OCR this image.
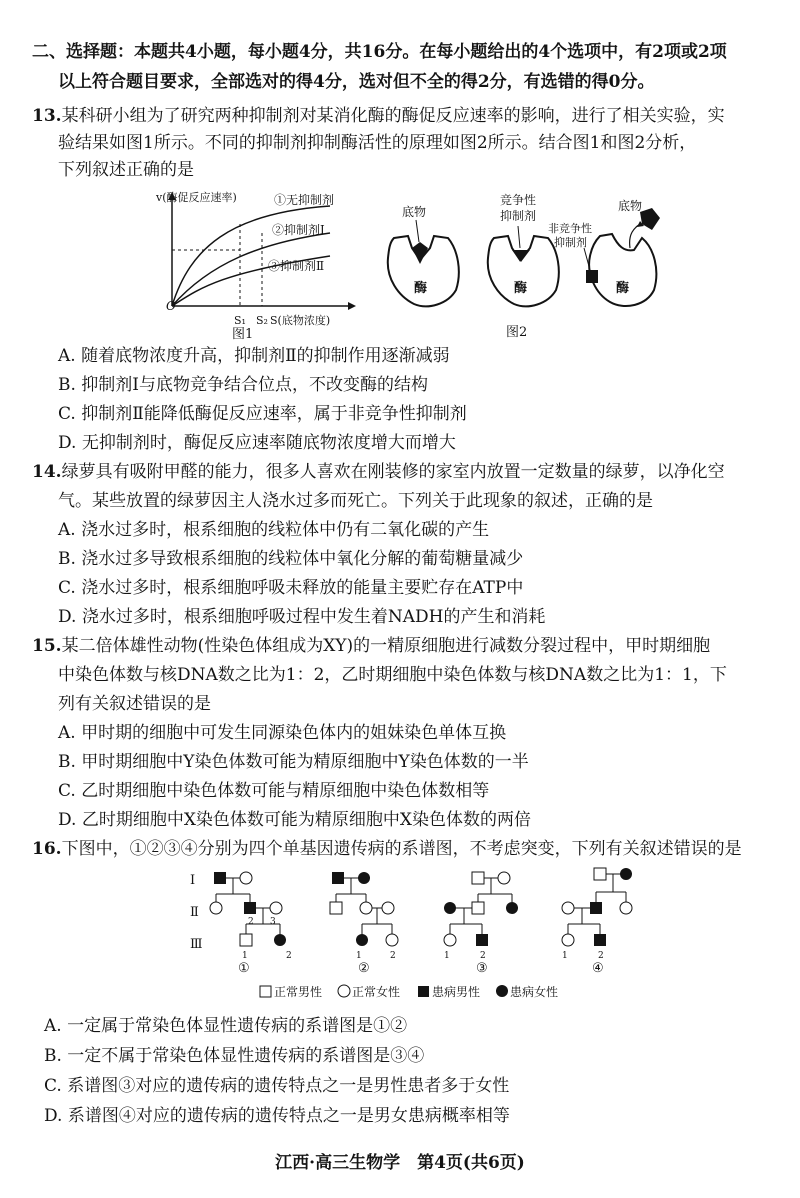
二、选择题：本题共4小题，每小题4分，共16分。在每小题给出的4个选项中，有2项或2项
以上符合题目要求，全部选对的得4分，选对但不全的得2分，有选错的得0分。
13.某科研小组为了研究两种抑制剂对某消化酶的酶促反应速率的影响，进行了相关实验，实
验结果如图1所示。不同的抑制剂抑制酶活性的原理如图2所示。结合图1和图2分析，
下列叙述正确的是
v(酶促反应速率)
O
S₁ S₂ S(底物浓度)
①无抑制剂
②抑制剂Ⅰ
③抑制剂Ⅱ
图1
底物
酶
竞争性
抑制剂
酶
非竞争性
抑制剂
底物
酶
图2
A. 随着底物浓度升高，抑制剂Ⅱ的抑制作用逐渐减弱
B. 抑制剂Ⅰ与底物竞争结合位点，不改变酶的结构
C. 抑制剂Ⅱ能降低酶促反应速率，属于非竞争性抑制剂
D. 无抑制剂时，酶促反应速率随底物浓度增大而增大
14.绿萝具有吸附甲醛的能力，很多人喜欢在刚装修的家室内放置一定数量的绿萝，以净化空
气。某些放置的绿萝因主人浇水过多而死亡。下列关于此现象的叙述，正确的是
A. 浇水过多时，根系细胞的线粒体中仍有二氧化碳的产生
B. 浇水过多导致根系细胞的线粒体中氧化分解的葡萄糖量减少
C. 浇水过多时，根系细胞呼吸未释放的能量主要贮存在ATP中
D. 浇水过多时，根系细胞呼吸过程中发生着NADH的产生和消耗
15.某二倍体雄性动物(性染色体组成为XY)的一精原细胞进行减数分裂过程中，甲时期细胞
中染色体数与核DNA数之比为1：2，乙时期细胞中染色体数与核DNA数之比为1：1，下
列有关叙述错误的是
A. 甲时期的细胞中可发生同源染色体内的姐妹染色单体互换
B. 甲时期细胞中Y染色体数可能为精原细胞中Y染色体数的一半
C. 乙时期细胞中染色体数可能与精原细胞中染色体数相等
D. 乙时期细胞中X染色体数可能为精原细胞中X染色体数的两倍
16.下图中，①②③④分别为四个单基因遗传病的系谱图，不考虑突变，下列有关叙述错误的是
Ⅰ
Ⅱ
Ⅲ
2 3
1	2
①
1	2
②
1	2
③
1	2
④
正常男性 正常女性	患病男性 患病女性
A. 一定属于常染色体显性遗传病的系谱图是①②
B. 一定不属于常染色体显性遗传病的系谱图是③④
C. 系谱图③对应的遗传病的遗传特点之一是男性患者多于女性
D. 系谱图④对应的遗传病的遗传特点之一是男女患病概率相等
江西·高三生物学　第4页(共6页)
